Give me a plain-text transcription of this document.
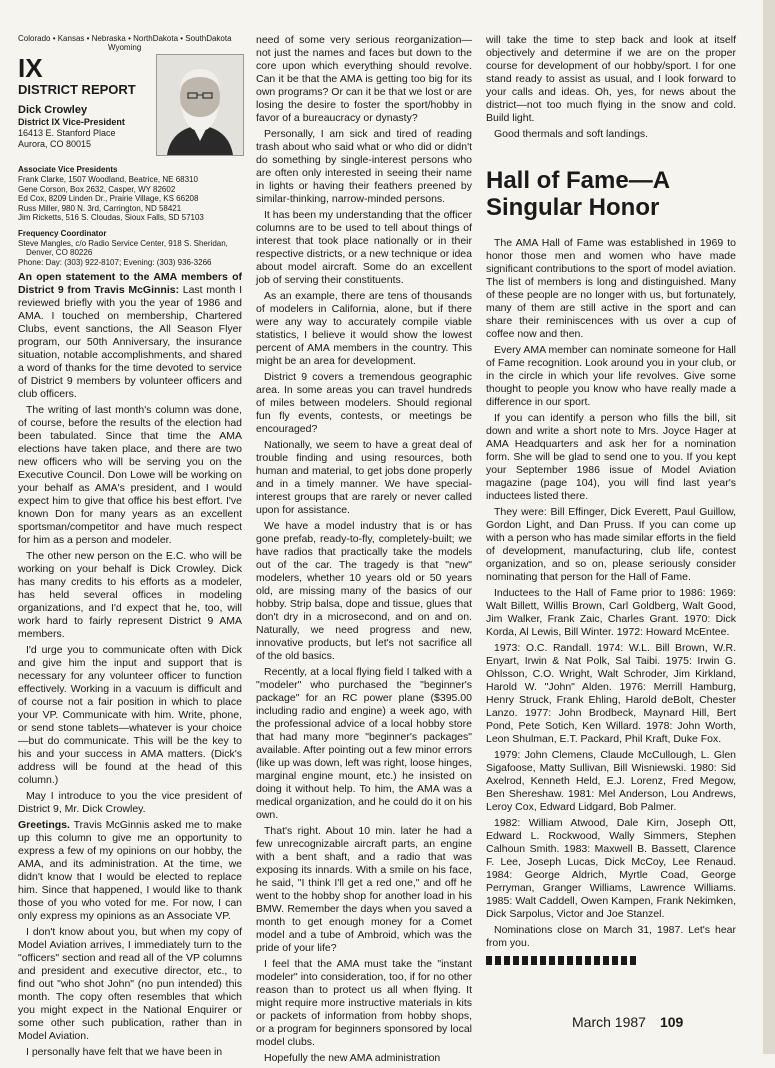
Colorado • Kansas • Nebraska • NorthDakota • SouthDakota
Wyoming
IX
DISTRICT REPORT
Dick Crowley
District IX Vice-President
16413 E. Stanford Place
Aurora, CO 80015
Associate Vice Presidents
Frank Clarke, 1507 Woodland, Beatrice, NE 68310
Gene Corson, Box 2632, Casper, WY 82602
Ed Cox, 8209 Linden Dr., Prairie Village, KS 66208
Russ Miller, 980 N. 3rd, Carrington, ND 58421
Jim Ricketts, 516 S. Cloudas, Sioux Falls, SD 57103
Frequency Coordinator
Steve Mangles, c/o Radio Service Center, 918 S. Sheridan,
Denver, CO 80226
Phone: Day: (303) 922-8107; Evening: (303) 936-3266

An open statement to the AMA members of District 9 from Travis McGinnis: Last month I reviewed briefly with you the year of 1986 and AMA. I touched on membership, Chartered Clubs, event sanctions, the All Season Flyer program, our 50th Anniversary, the insurance situation, notable accomplishments, and shared a word of thanks for the time devoted to service of District 9 members by volunteer officers and club officers.

The writing of last month's column was done, of course, before the results of the election had been tabulated. Since that time the AMA elections have taken place, and there are two new officers who will be serving you on the Executive Council. Don Lowe will be working on your behalf as AMA's president, and I would expect him to give that office his best effort. I've known Don for many years as an excellent sportsman/competitor and have much respect for him as a person and modeler.

The other new person on the E.C. who will be working on your behalf is Dick Crowley. Dick has many credits to his efforts as a modeler, has held several offices in modeling organizations, and I'd expect that he, too, will work hard to fairly represent District 9 AMA members.

I'd urge you to communicate often with Dick and give him the input and support that is necessary for any volunteer officer to function effectively. Working in a vacuum is difficult and of course not a fair position in which to place your VP. Communicate with him. Write, phone, or send stone tablets—whatever is your choice—but do communicate. This will be the key to his and your success in AMA matters. (Dick's address will be found at the head of this column.)

May I introduce to you the vice president of District 9, Mr. Dick Crowley.

Greetings. Travis McGinnis asked me to make up this column to give me an opportunity to express a few of my opinions on our hobby, the AMA, and its administration. At the time, we didn't know that I would be elected to replace him. Since that happened, I would like to thank those of you who voted for me. For now, I can only express my opinions as an Associate VP.

I don't know about you, but when my copy of Model Aviation arrives, I immediately turn to the "officers" section and read all of the VP columns and president and executive director, etc., to find out "who shot John" (no pun intended) this month. The copy often resembles that which you might expect in the National Enquirer or some other such publication, rather than in Model Aviation.

I personally have felt that we have been in

need of some very serious reorganization—not just the names and faces but down to the core upon which everything should revolve. Can it be that the AMA is getting too big for its own programs? Or can it be that we lost or are losing the desire to foster the sport/hobby in favor of a bureaucracy or dynasty?

Personally, I am sick and tired of reading trash about who said what or who did or didn't do something by single-interest persons who are often only interested in seeing their name in lights or having their feathers preened by similar-thinking, narrow-minded persons.

It has been my understanding that the officer columns are to be used to tell about things of interest that took place nationally or in their respective districts, or a new technique or idea about model aircraft. Some do an excellent job of serving their constituents.

As an example, there are tens of thousands of modelers in California, alone, but if there were any way to accurately compile viable statistics, I believe it would show the lowest percent of AMA members in the country. This might be an area for development.

District 9 covers a tremendous geographic area. In some areas you can travel hundreds of miles between modelers. Should regional fun fly events, contests, or meetings be encouraged?

Nationally, we seem to have a great deal of trouble finding and using resources, both human and material, to get jobs done properly and in a timely manner. We have special-interest groups that are rarely or never called upon for assistance.

We have a model industry that is or has gone prefab, ready-to-fly, completely-built; we have radios that practically take the models out of the car. The tragedy is that "new" modelers, whether 10 years old or 50 years old, are missing many of the basics of our hobby. Strip balsa, dope and tissue, glues that don't dry in a microsecond, and on and on. Naturally, we need progress and new, innovative products, but let's not sacrifice all of the old basics.

Recently, at a local flying field I talked with a "modeler" who purchased the "beginner's package" for an RC power plane ($395.00 including radio and engine) a week ago, with the professional advice of a local hobby store that had many more "beginner's packages" available. After pointing out a few minor errors (like up was down, left was right, loose hinges, marginal engine mount, etc.) he insisted on doing it without help. To him, the AMA was a medical organization, and he could do it on his own.

That's right. About 10 min. later he had a few unrecognizable aircraft parts, an engine with a bent shaft, and a radio that was exposing its innards. With a smile on his face, he said, "I think I'll get a red one," and off he went to the hobby shop for another load in his BMW. Remember the days when you saved a month to get enough money for a Comet model and a tube of Ambroid, which was the pride of your life?

I feel that the AMA must take the "instant modeler" into consideration, too, if for no other reason than to protect us all when flying. It might require more instructive materials in kits or packets of information from hobby shops, or a program for beginners sponsored by local model clubs.

Hopefully the new AMA administration

will take the time to step back and look at itself objectively and determine if we are on the proper course for development of our hobby/sport. I for one stand ready to assist as usual, and I look forward to your calls and ideas. Oh, yes, for news about the district—not too much flying in the snow and cold. Build light.

Good thermals and soft landings.

Hall of Fame—A Singular Honor

The AMA Hall of Fame was established in 1969 to honor those men and women who have made significant contributions to the sport of model aviation. The list of members is long and distinguished. Many of these people are no longer with us, but fortunately, many of them are still active in the sport and can share their reminiscences with us over a cup of coffee now and then.

Every AMA member can nominate someone for Hall of Fame recognition. Look around you in your club, or in the circle in which your life revolves. Give some thought to people you know who have really made a difference in our sport.

If you can identify a person who fills the bill, sit down and write a short note to Mrs. Joyce Hager at AMA Headquarters and ask her for a nomination form. She will be glad to send one to you. If you kept your September 1986 issue of Model Aviation magazine (page 104), you will find last year's inductees listed there.

They were: Bill Effinger, Dick Everett, Paul Guillow, Gordon Light, and Dan Pruss. If you can come up with a person who has made similar efforts in the field of development, manufacturing, club life, contest organization, and so on, please seriously consider nominating that person for the Hall of Fame.

Inductees to the Hall of Fame prior to 1986: 1969: Walt Billett, Willis Brown, Carl Goldberg, Walt Good, Jim Walker, Frank Zaic, Charles Grant. 1970: Dick Korda, Al Lewis, Bill Winter. 1972: Howard McEntee.

1973: O.C. Randall. 1974: W.L. Bill Brown, W.R. Enyart, Irwin & Nat Polk, Sal Taibi. 1975: Irwin G. Ohlsson, C.O. Wright, Walt Schroder, Jim Kirkland, Harold W. "John" Alden. 1976: Merrill Hamburg, Henry Struck, Frank Ehling, Harold deBolt, Chester Lanzo. 1977: John Brodbeck, Maynard Hill, Bert Pond, Pete Sotich, Ken Willard. 1978: John Worth, Leon Shulman, E.T. Packard, Phil Kraft, Duke Fox.

1979: John Clemens, Claude McCullough, L. Glen Sigafoose, Matty Sullivan, Bill Wisniewski. 1980: Sid Axelrod, Kenneth Held, E.J. Lorenz, Fred Megow, Ben Shereshaw. 1981: Mel Anderson, Lou Andrews, Leroy Cox, Edward Lidgard, Bob Palmer.

1982: William Atwood, Dale Kirn, Joseph Ott, Edward L. Rockwood, Wally Simmers, Stephen Calhoun Smith. 1983: Maxwell B. Bassett, Clarence F. Lee, Joseph Lucas, Dick McCoy, Lee Renaud. 1984: George Aldrich, Myrtle Coad, George Perryman, Granger Williams, Lawrence Williams. 1985: Walt Caddell, Owen Kampen, Frank Nekimken, Dick Sarpolus, Victor and Joe Stanzel.

Nominations close on March 31, 1987. Let's hear from you.

March 1987 109
